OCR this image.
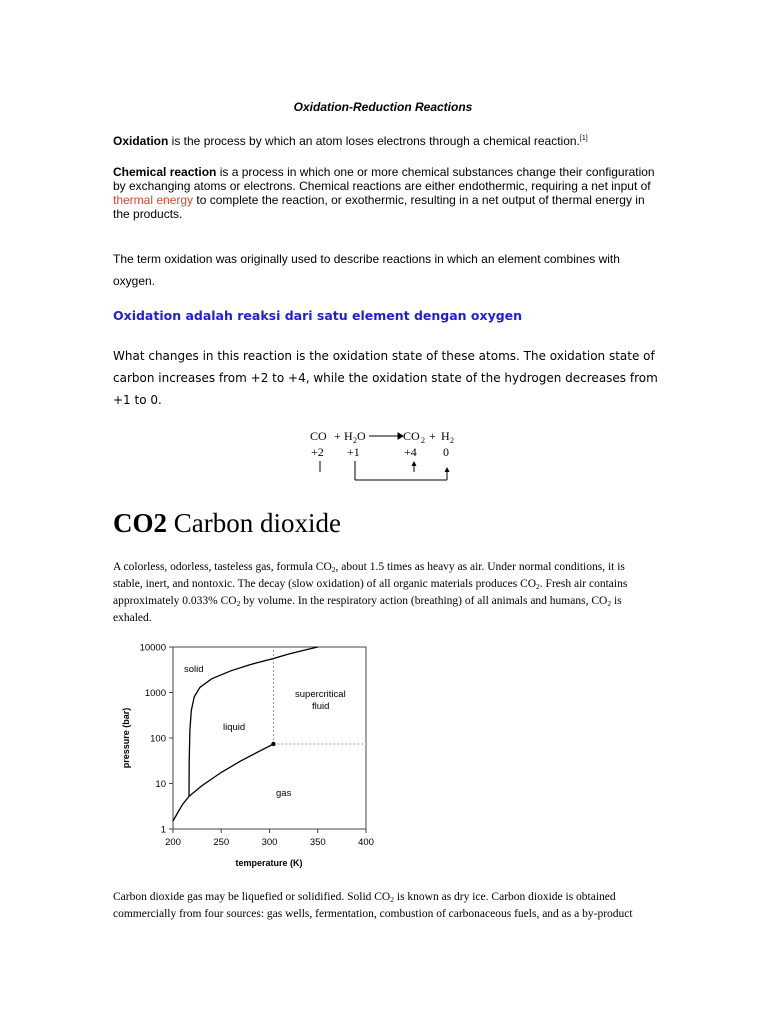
Oxidation-Reduction Reactions
Oxidation is the process by which an atom loses electrons through a chemical reaction.[1]
Chemical reaction is a process in which one or more chemical substances change their configuration by exchanging atoms or electrons. Chemical reactions are either endothermic, requiring a net input of thermal energy to complete the reaction, or exothermic, resulting in a net output of thermal energy in the products.
The term oxidation was originally used to describe reactions in which an element combines with oxygen.
Oxidation adalah reaksi dari satu element dengan oxygen
What changes in this reaction is the oxidation state of these atoms. The oxidation state of carbon increases from +2 to +4, while the oxidation state of the hydrogen decreases from +1 to 0.
CO + H 2 O	CO 2 + H 2
+2 +1	+4 0
CO2 Carbon dioxide
A colorless, odorless, tasteless gas, formula $CO_2$, about 1.5 times as heavy as air. Under normal conditions, it is stable, inert, and nontoxic. The decay (slow oxidation) of all organic materials produces $CO_2$. Fresh air contains approximately 0.033% $CO_2$ by volume. In the respiratory action (breathing) of all animals and humans, $CO_2$ is exhaled.
200	250	300	350	400
1
10
100
1000
10000
solid
liquid
supercritical fluid
gas
temperature (K)
pressure (bar)
Carbon dioxide gas may be liquefied or solidified. Solid $CO_2$ is known as dry ice. Carbon dioxide is obtained commercially from four sources: gas wells, fermentation, combustion of carbonaceous fuels, and as a by-product
